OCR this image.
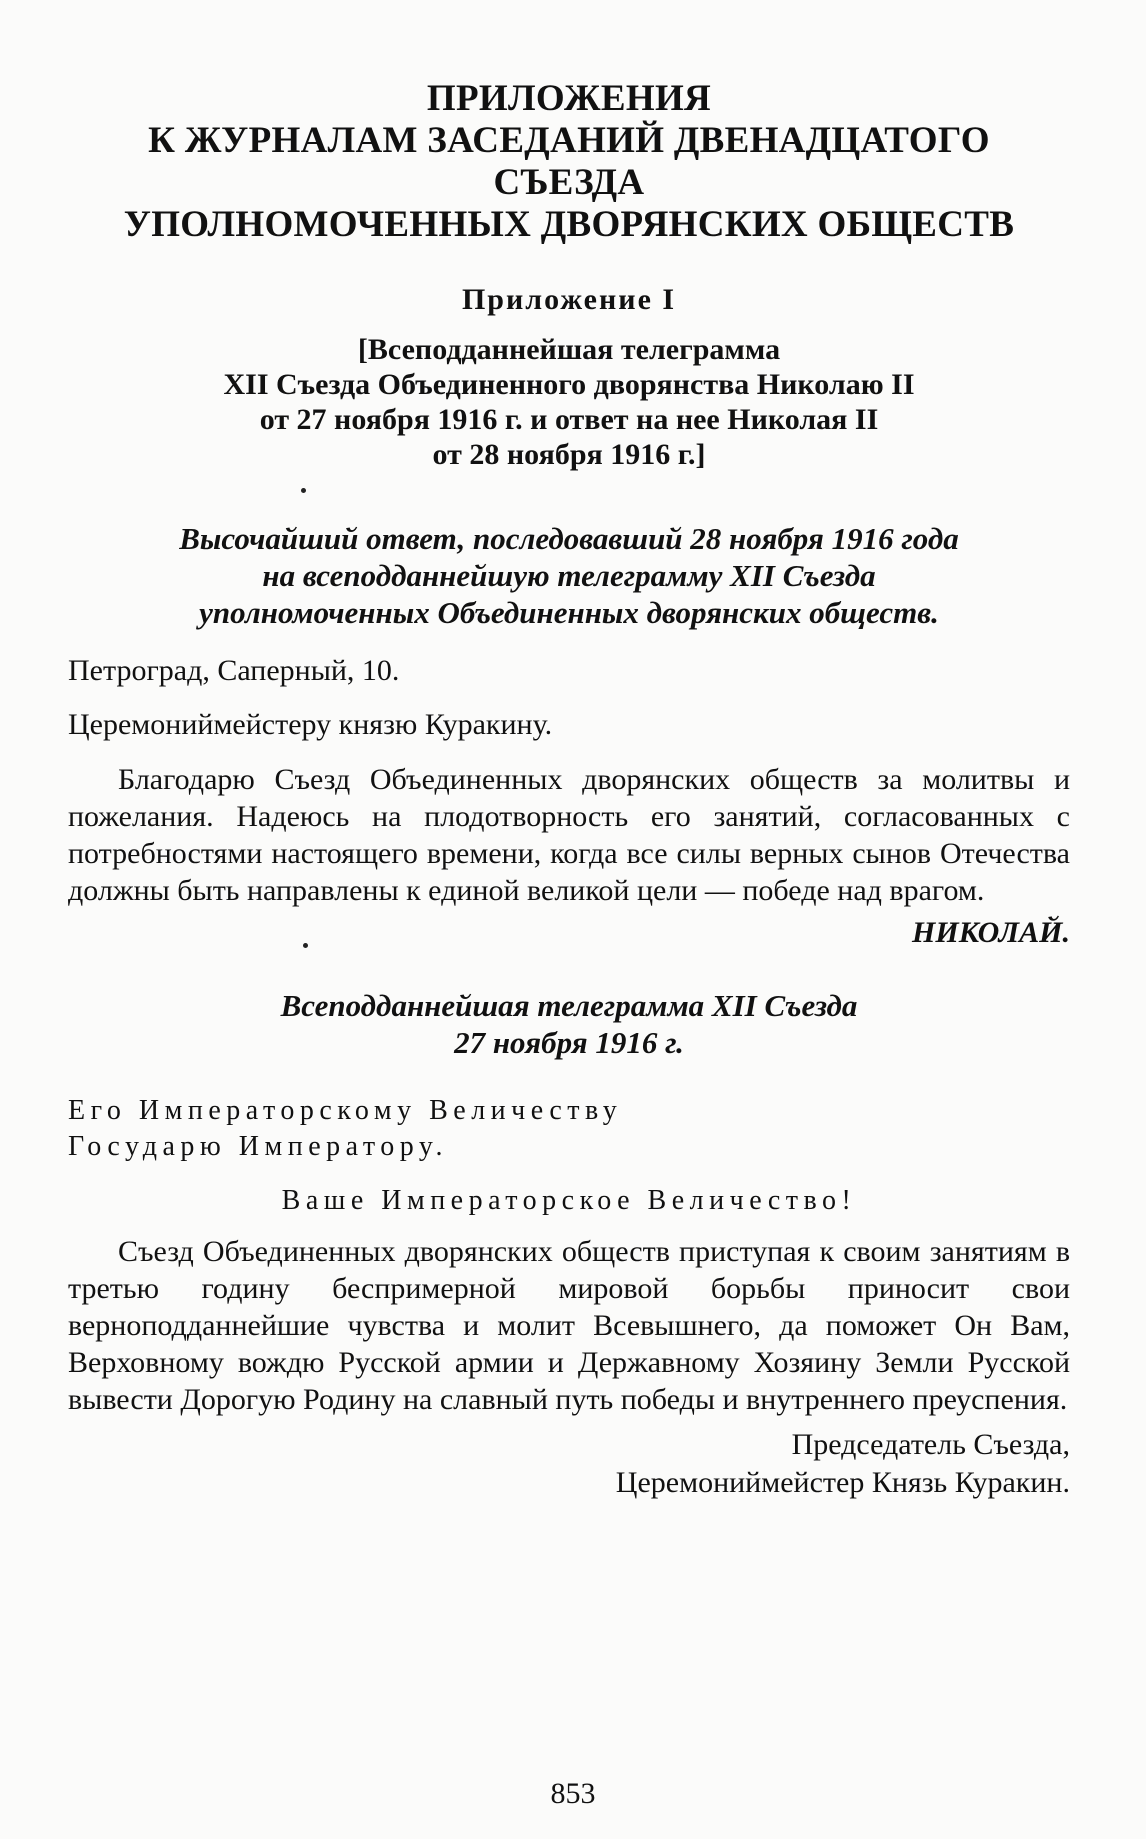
ПРИЛОЖЕНИЯ

К ЖУРНАЛАМ ЗАСЕДАНИЙ ДВЕНАДЦАТОГО СЪЕЗДА

УПОЛНОМОЧЕННЫХ ДВОРЯНСКИХ ОБЩЕСТВ

Приложение I
[Всеподданнейшая телеграмма
XII Съезда Объединенного дворянства Николаю II
от 27 ноября 1916 г. и ответ на нее Николая II
от 28 ноября 1916 г.]
Высочайший ответ, последовавший 28 ноября 1916 года
на всеподданнейшую телеграмму XII Съезда
уполномоченных Объединенных дворянских обществ.
Петроград, Саперный, 10.
Церемониймейстеру князю Куракину.
Благодарю Съезд Объединенных дворянских обществ за молитвы и пожелания. Надеюсь на плодотворность его занятий, согласованных с потребностями настоящего времени, когда все силы верных сынов Отечества должны быть направлены к единой великой цели — победе над врагом.
НИКОЛАЙ.
Всеподданнейшая телеграмма XII Съезда
27 ноября 1916 г.
Его Императорскому Величеству
Государю Императору.
Ваше Императорское Величество!
Съезд Объединенных дворянских обществ приступая к своим занятиям в третью годину беспримерной мировой борьбы приносит свои верноподданнейшие чувства и молит Всевышнего, да поможет Он Вам, Верховному вождю Русской армии и Державному Хозяину Земли Русской вывести Дорогую Родину на славный путь победы и внутреннего преуспения.
Председатель Съезда,
Церемониймейстер Князь Куракин.
853
